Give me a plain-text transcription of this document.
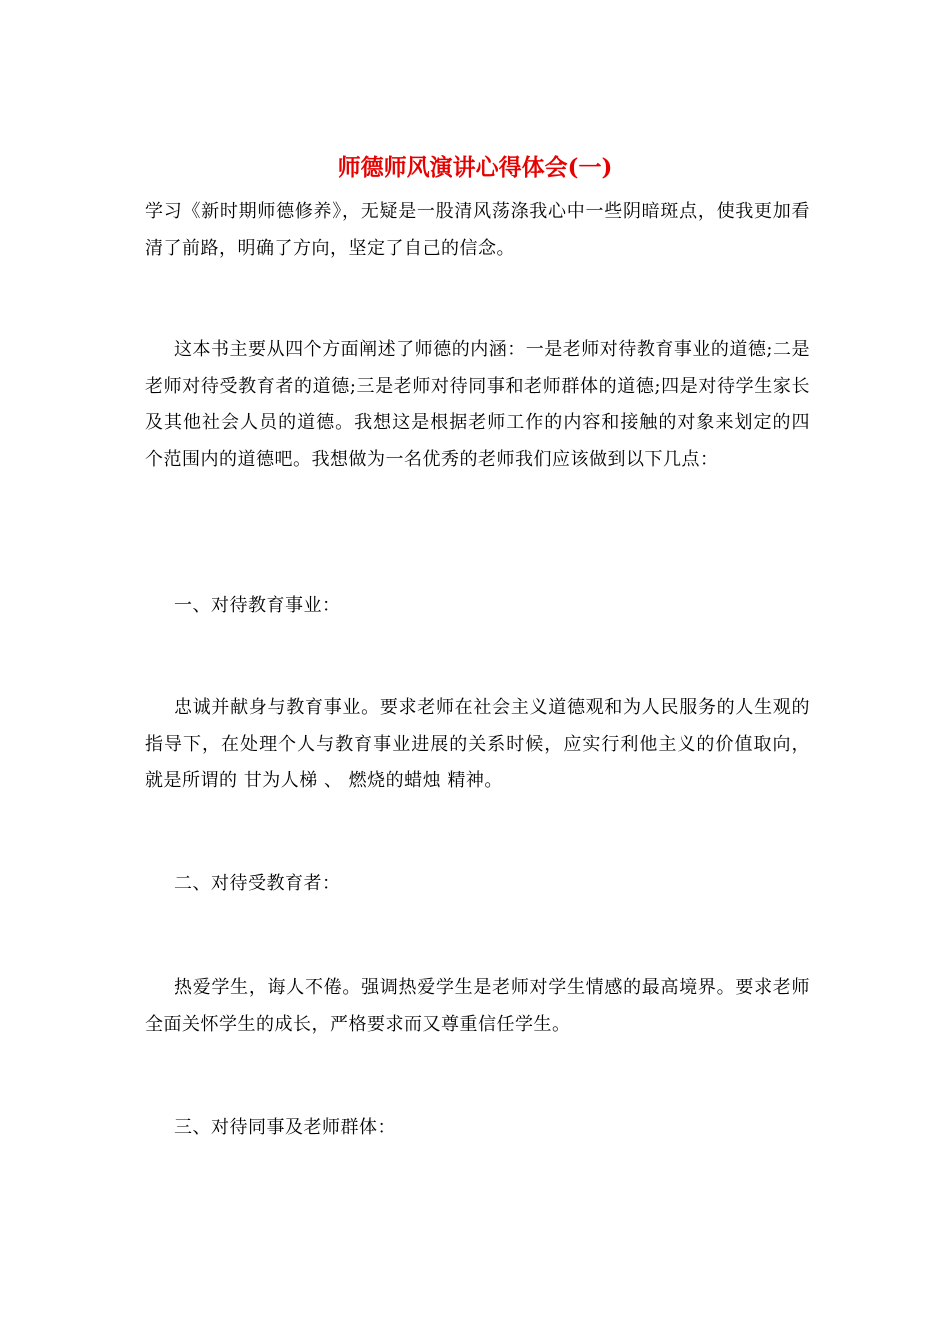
师德师风演讲心得体会(一)

学习《新时期师德修养》，无疑是一股清风荡涤我心中一些阴暗斑点，使我更加看清了前路，明确了方向，坚定了自己的信念。

这本书主要从四个方面阐述了师德的内涵：一是老师对待教育事业的道德;二是老师对待受教育者的道德;三是老师对待同事和老师群体的道德;四是对待学生家长及其他社会人员的道德。我想这是根据老师工作的内容和接触的对象来划定的四个范围内的道德吧。我想做为一名优秀的老师我们应该做到以下几点：

一、对待教育事业：

忠诚并献身与教育事业。要求老师在社会主义道德观和为人民服务的人生观的指导下，在处理个人与教育事业进展的关系时候，应实行利他主义的价值取向，就是所谓的 甘为人梯 、 燃烧的蜡烛 精神。

二、对待受教育者：

热爱学生，诲人不倦。强调热爱学生是老师对学生情感的最高境界。要求老师全面关怀学生的成长，严格要求而又尊重信任学生。

三、对待同事及老师群体：
